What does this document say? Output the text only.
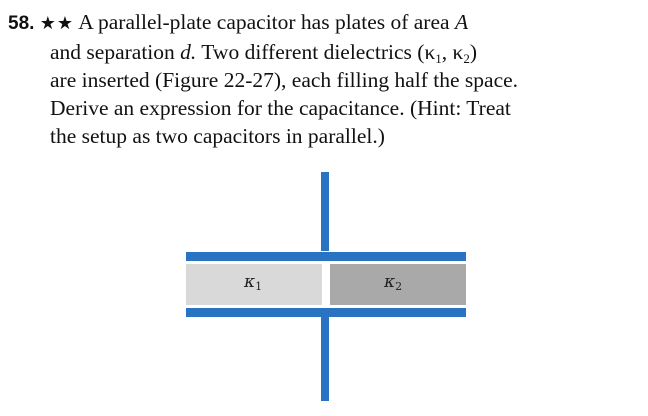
58. ★★ A parallel-plate capacitor has plates of area A
and separation d. Two different dielectrics ($\kappa_1$, $\kappa_2$)
are inserted (Figure 22-27), each filling half the space.
Derive an expression for the capacitance. (Hint: Treat
the setup as two capacitors in parallel.)
$\kappa_1$	$\kappa_2$
